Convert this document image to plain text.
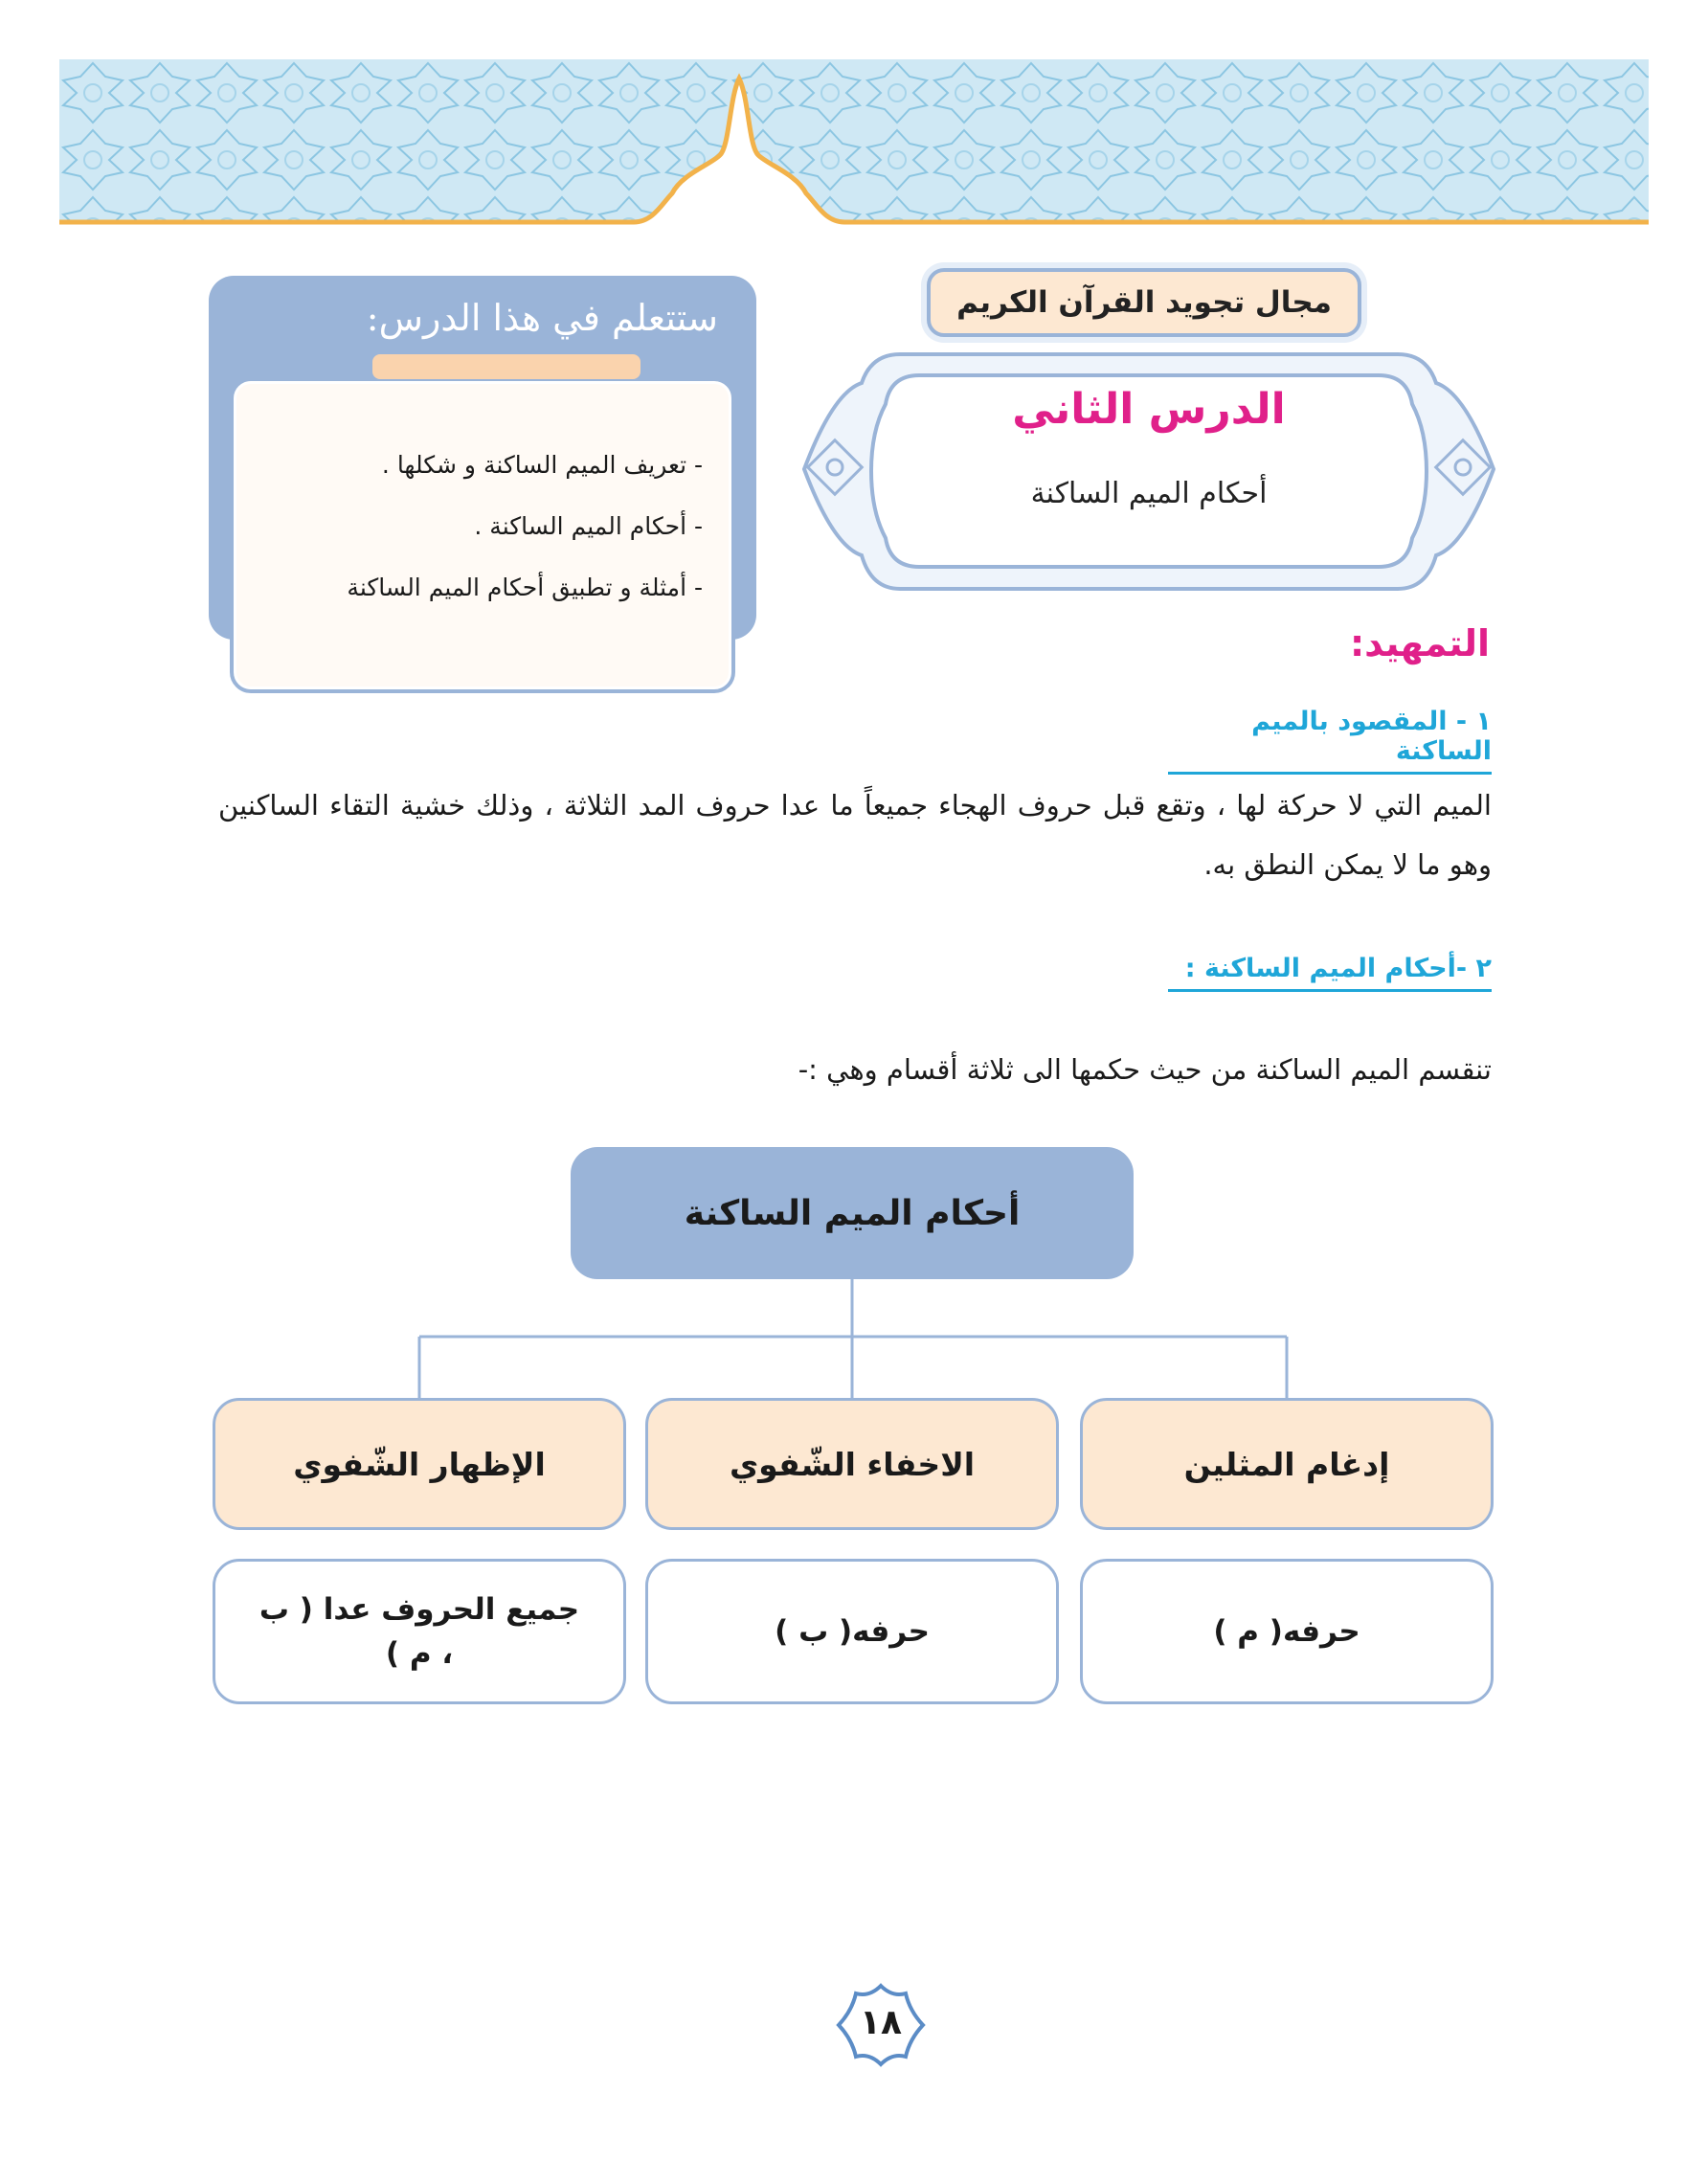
مجال تجويد القرآن الكريم
الدرس الثاني
أحكام الميم الساكنة
ستتعلم في هذا الدرس:
- تعريف الميم الساكنة و شكلها .
- أحكام الميم الساكنة .
- أمثلة و تطبيق أحكام الميم الساكنة
التمهيد:
١ - المقصود بالميم الساكنة

الميم التي لا حركة لها ، وتقع قبل حروف الهجاء جميعاً ما عدا حروف المد الثلاثة ، وذلك خشية التقاء الساكنين وهو ما لا يمكن النطق به.

٢ -أحكام الميم الساكنة :

تنقسم الميم الساكنة من حيث حكمها الى ثلاثة أقسام وهي :-

أحكام الميم الساكنة
إدغام المثلين
الاخفاء الشّفوي
الإظهار الشّفوي
حرفه( م )
حرفه( ب )
جميع الحروف عدا ( ب ، م )
١٨
